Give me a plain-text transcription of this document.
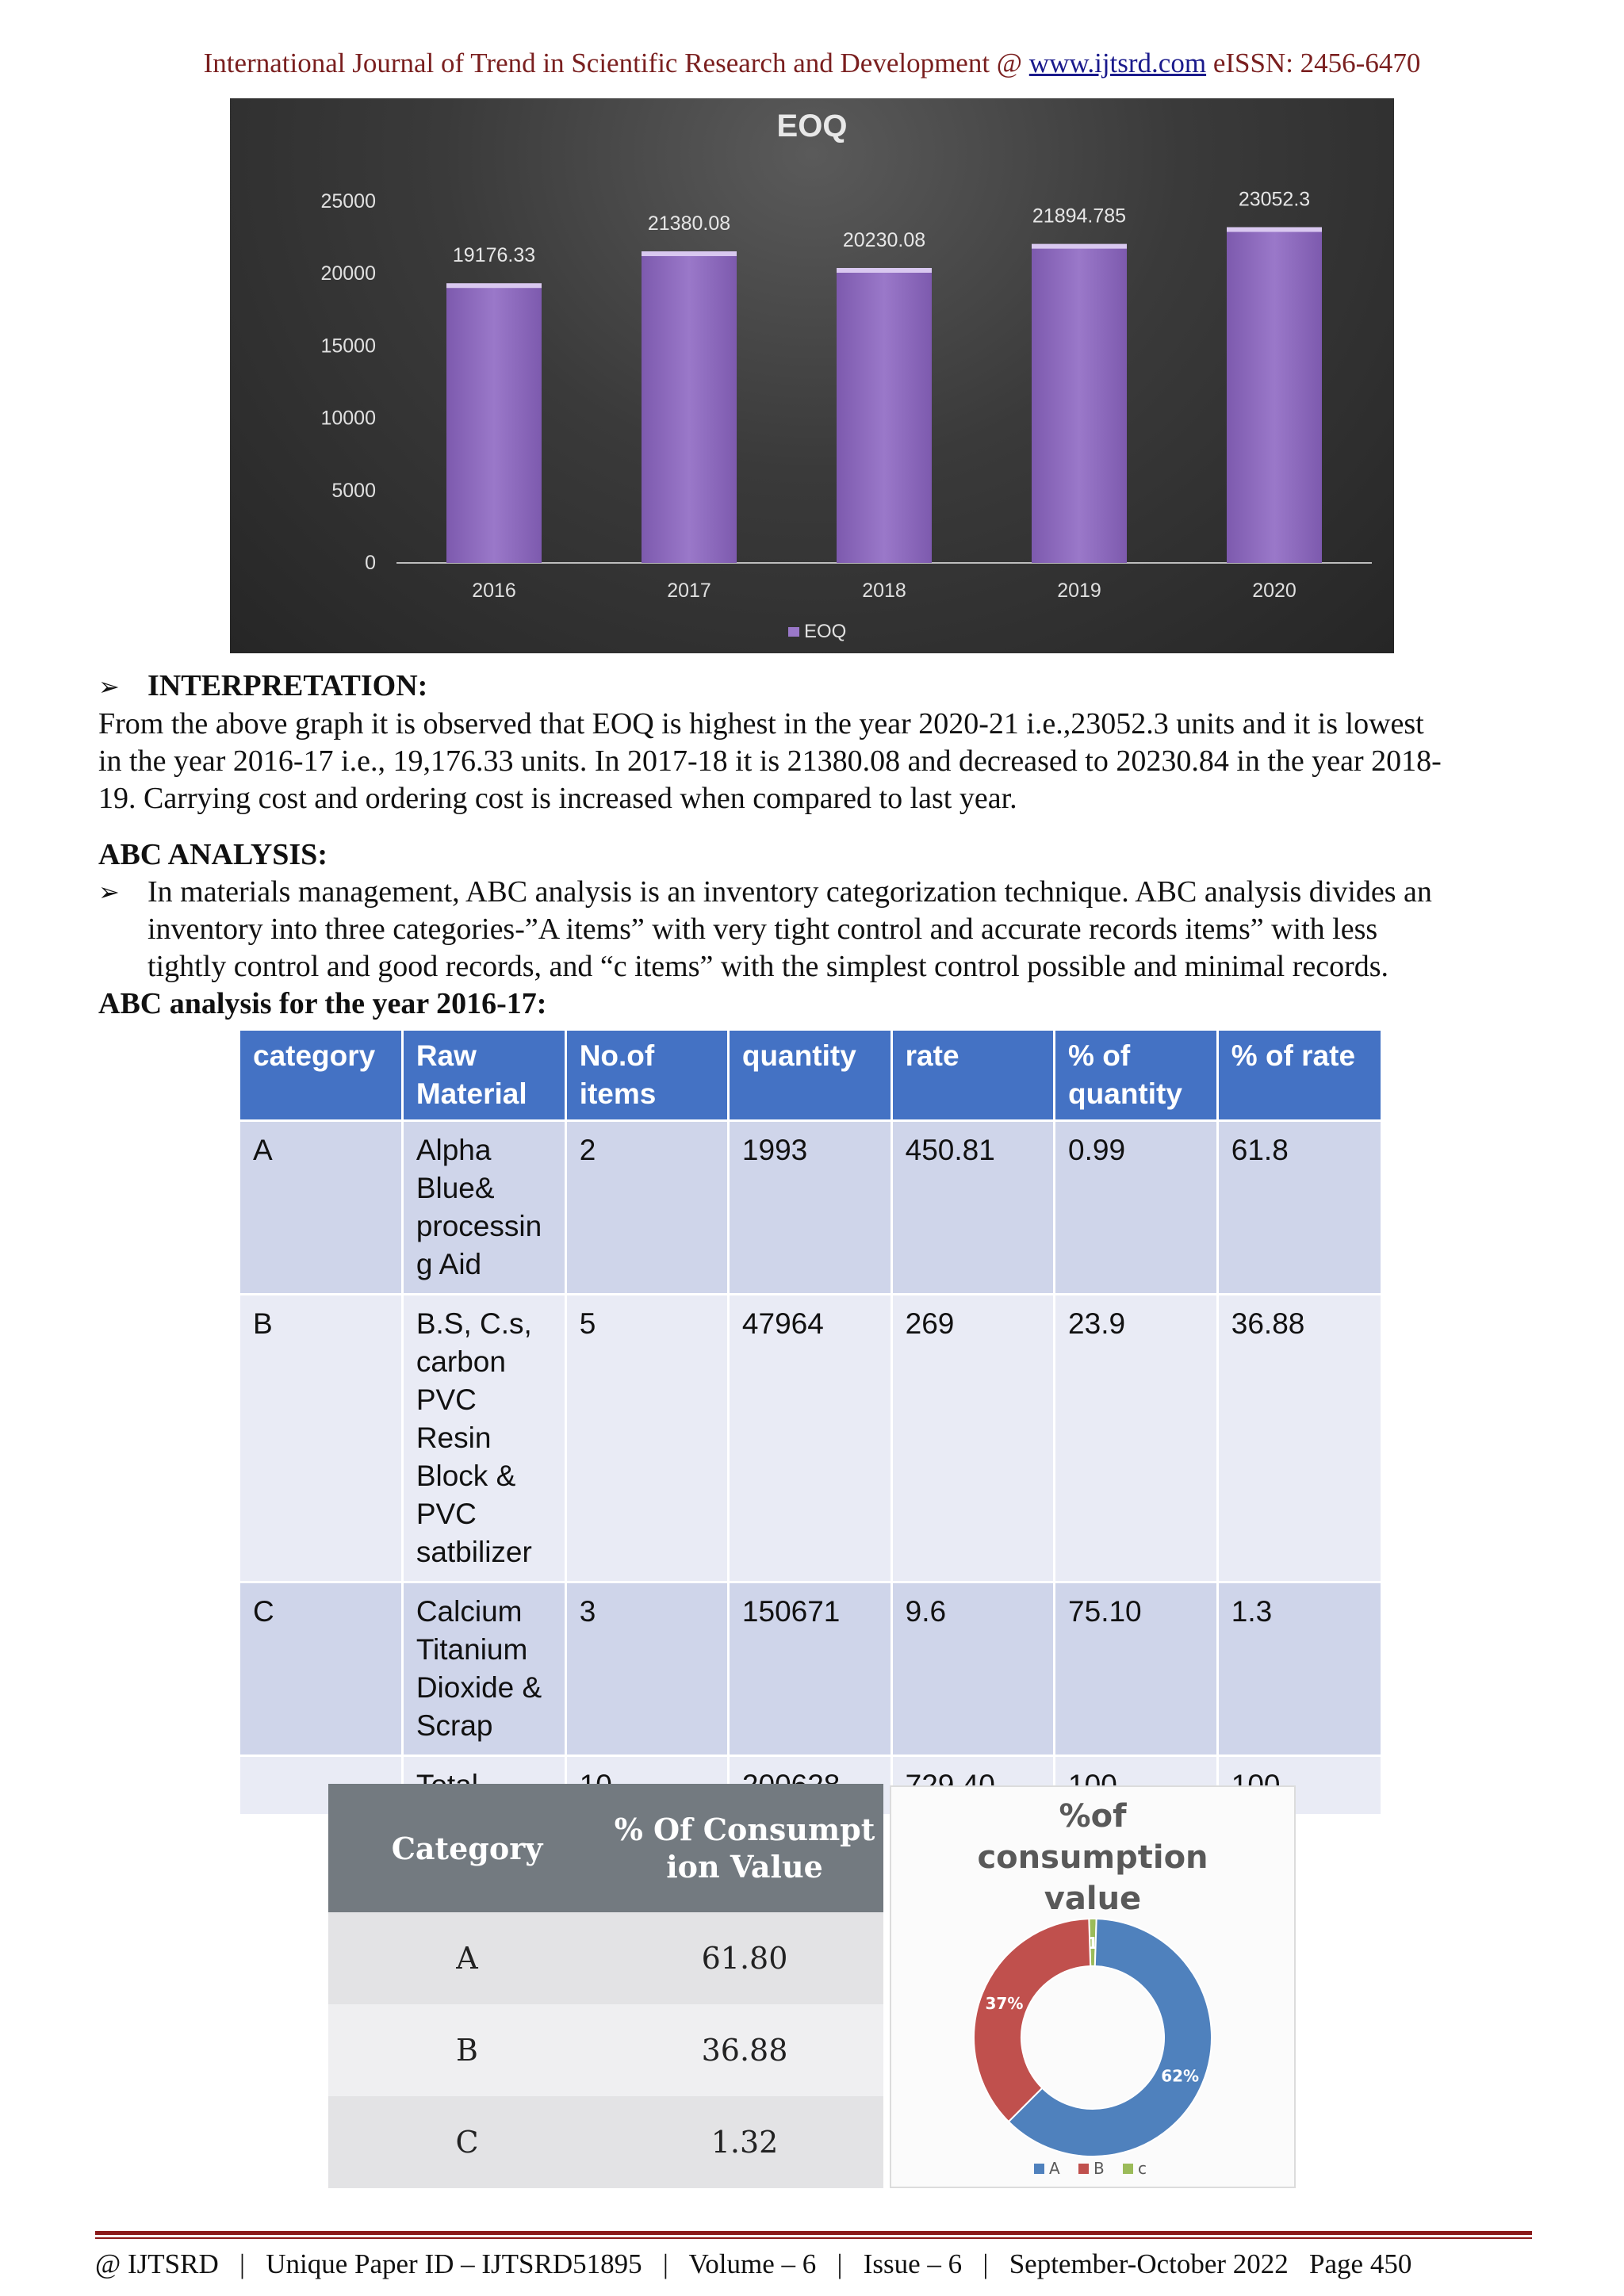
International Journal of Trend in Scientific Research and Development @ www.ijtsrd.com eISSN: 2456-6470
EOQ
0
5000
10000
15000
20000
25000
19176.33
2016
21380.08
2017
20230.08
2018
21894.785
2019
23052.3
2020
EOQ
➢ INTERPRETATION:
From the above graph it is observed that EOQ is highest in the year 2020-21 i.e.,23052.3 units and it is lowest
in the year 2016-17 i.e., 19,176.33 units. In 2017-18 it is 21380.08 and decreased to 20230.84 in the year 2018-
19. Carrying cost and ordering cost is increased when compared to last year.
ABC ANALYSIS:
➢ In materials management, ABC analysis is an inventory categorization technique. ABC analysis divides an
inventory into three categories-”A items” with very tight control and accurate records items” with less
tightly control and good records, and “c items” with the simplest control possible and minimal records.
ABC analysis for the year 2016-17:
category	Raw Material	No.of items	quantity	rate	% of quantity	% of rate
A	Alpha Blue& processin g Aid	2	1993	450.81	0.99	61.8
B	B.S, C.s, carbon PVC Resin Block & PVC satbilizer	5	47964	269	23.9	36.88
C	Calcium Titanium Dioxide & Scrap	3	150671	9.6	75.10	1.3

Category	% Of Consumpt ion Value
A	61.80
B	36.88
C	1.32
%of
consumption
value
62%
37%
A B c
@ IJTSRD   |   Unique Paper ID – IJTSRD51895   |   Volume – 6   |   Issue – 6   |   September-October 2022   Page 450
